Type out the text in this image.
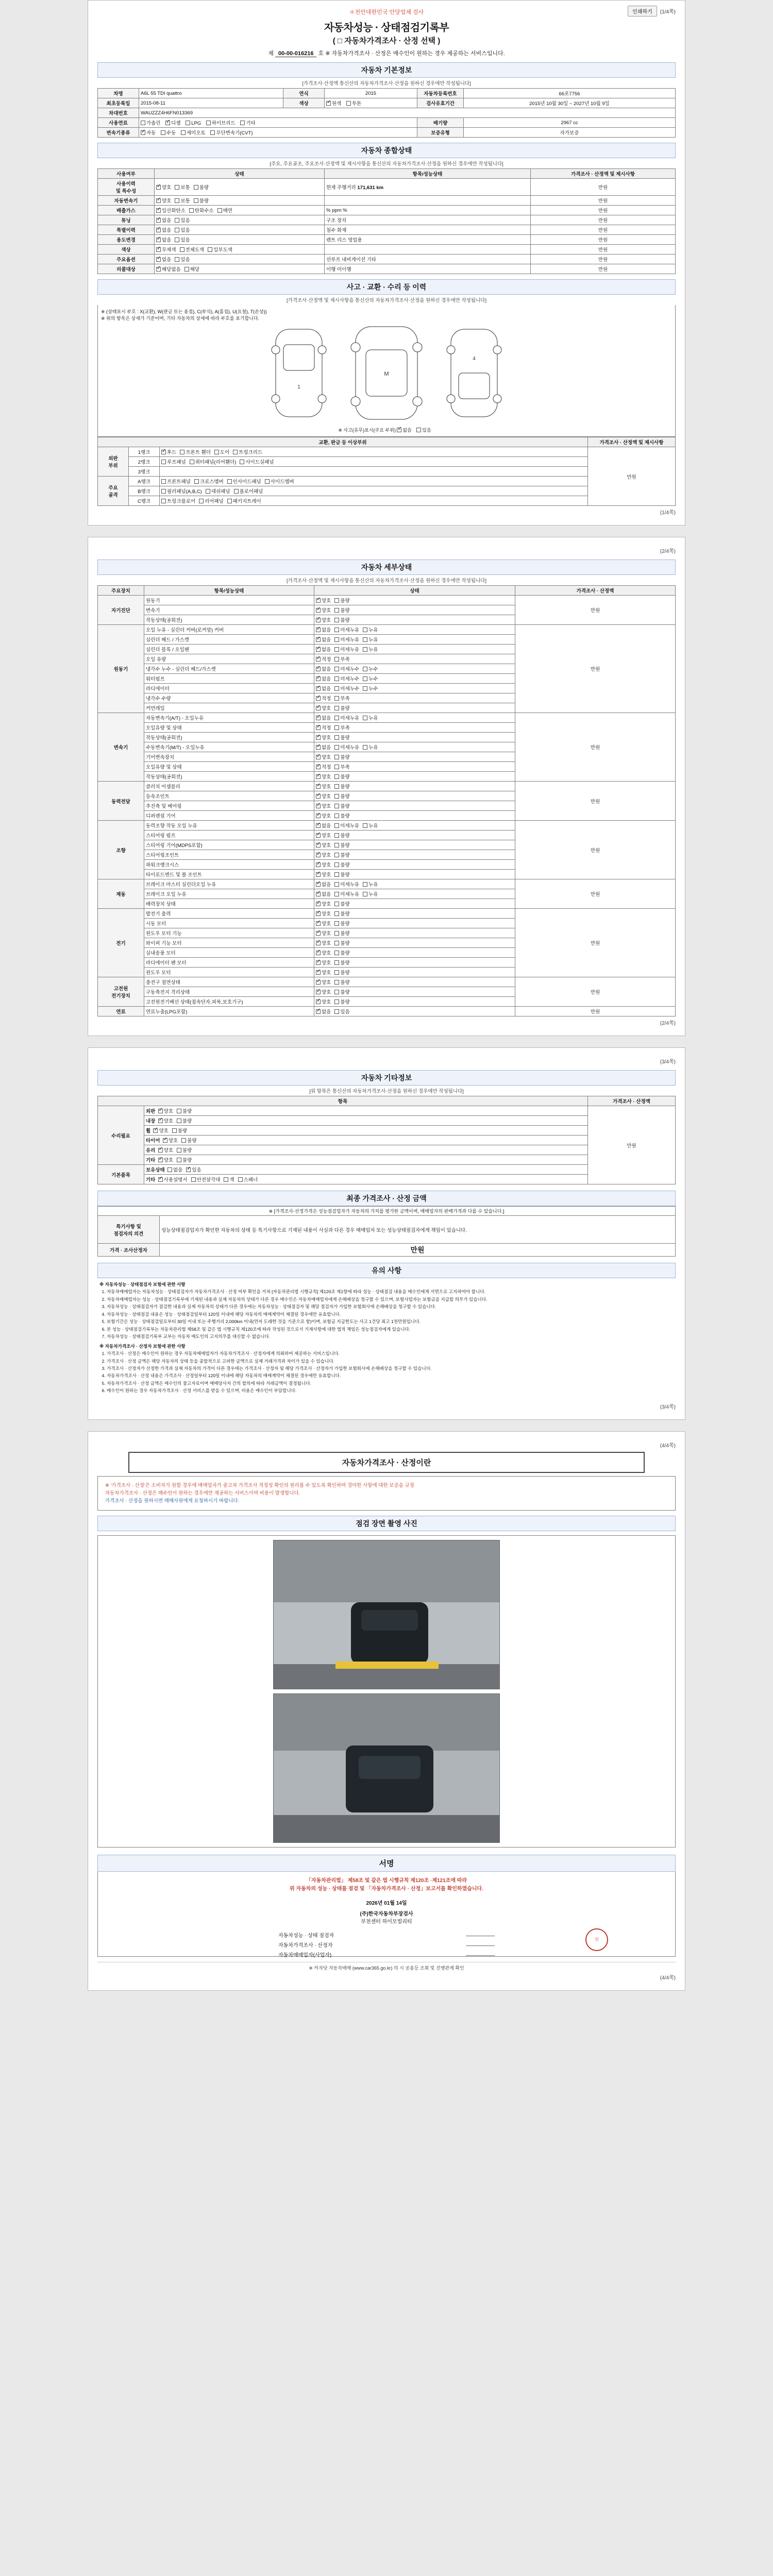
＊천안대한민국 안당업체 검사	인쇄하기	(1/4쪽)
자동차성능 · 상태점검기록부
( □ 자동차가격조사 · 산정 선택 )
제 00-00-016216 호 ※ 자동차가격조사 · 산정은 매수인이 원하는 경우 제공하는 서비스입니다.
자동차 기본정보
[가격조사·산정액 통신산의 자동차가격조사·산정을 원하신 경우에만 작성됩니다]
차명	A6L 55 TDI quattro	연식	2015	자동차등록번호	66포7756
최초등록일	2015-08-11	색상	✓원색 투톤	검사유효기간	2015년 10월 30일 ~ 2027년 10월 9일
차대번호	WAUZZZ4H6FN013369				
사용연료	가솔린 ✓ 디젤 LPG 하이브리드 기타			배기량	2967 cc
변속기종류	✓자동 수동 세미오토 무단변속기(CVT)			보증유형	자가보증
자동차 종합상태
[주요, 주요골조, 주요조사·산정액 및 제시사항을 통신산의 자동차가격조사·산정을 원하신 경우에만 작성됩니다]
사용여부	상태	항목/성능상태	가격조사 · 산정액 및 제시사항
사용이력
및 특수성	✓양호 보통 불량	현재 주행거리 171,631 km	만원
자동변속기	✓양호 보통 불량		만원
배출가스	✓일산화탄소 탄화수소 매연	% ppm %	만원
튜닝	✓없음 있음	구조 장치	만원
특별이력	✓없음 있음	침수 화재	만원
용도변경	✓없음 있음	렌트 리스 영업용	만원
색상	✓무채색 전체도색 일부도색		만원
주요옵션	✓없음 있음	선루프 내비게이션 기타	만원
리콜대상	✓해당없음 해당	이행 미이행	만원
사고 · 교환 · 수리 등 이력
[가격조사·산정액 및 제시사항을 통신산의 자동차가격조사·산정을 원하신 경우에만 작성됩니다]
※ (상태표시 부호 : X(교환), W(판금 또는 용접), C(부식), A(흠집), U(요철), T(손상))
※ 위의 항목은 상세가 기준이며, 기타 자동차의 상세에 따라 부호를 표기합니다.
1
M
4
※ 사고(유무)표시(주요 부위) ✓ 없음 있음
교환, 판금 등 이상부위			가격조사 · 산정액 및 제시사항
외판
부위	1랭크	✓후드 프론트 휀더 도어 트렁크리드	만원
	2랭크	루프패널 쿼터패널(리어휀더) 사이드실패널	
	3랭크		
주요
골격	A랭크	프론트패널 크로스멤버 인사이드패널 사이드멤버	
	B랭크	필러패널(A,B,C) 대쉬패널 플로어패널	
	C랭크	트렁크플로어 리어패널 패키지트레이	
(1/4쪽)
(2/4쪽)
자동차 세부상태
[가격조사·산정액 및 제시사항을 통신산의 자동차가격조사·산정을 원하신 경우에만 작성됩니다]
주요장치	항목/성능상태	상태	가격조사 · 산정액
자기진단	원동기	✓양호 불량	만원
	변속기	✓양호 불량
	작동상태(공회전)	✓양호 불량
원동기	오일 누유 - 실린더 커버(로커암) 커버	✓없음 미세누유 누유	만원
	실린더 헤드 / 가스켓	✓없음 미세누유 누유
	실린더 블록 / 오일팬	✓없음 미세누유 누유
	오일 유량	✓적정 부족
	냉각수 누수 - 실린더 헤드/가스켓	✓없음 미세누수 누수
	워터펌프	✓없음 미세누수 누수
	라디에이터	✓없음 미세누수 누수
	냉각수 수량	✓적정 부족
	커먼레일	✓양호 불량
변속기	자동변속기(A/T) - 오일누유	✓없음 미세누유 누유	만원
	오일유량 및 상태	✓적정 부족
	작동상태(공회전)	✓양호 불량
	수동변속기(M/T) - 오일누유	✓없음 미세누유 누유
	기어변속장치	✓양호 불량
	오일유량 및 상태	✓적정 부족
	작동상태(공회전)	✓양호 불량
동력전달	클러치 어셈블리	✓양호 불량	만원
	등속조인트	✓양호 불량
	추진축 및 베어링	✓양호 불량
	디퍼렌셜 기어	✓양호 불량
조향	동력조향 작동 오일 누유	✓없음 미세누유 누유	만원
	스티어링 펌프	✓양호 불량
	스티어링 기어(MDPS포함)	✓양호 불량
	스티어링조인트	✓양호 불량
	파워크랭크시스	✓양호 불량
	타이로드엔드 및 볼 조인트	✓양호 불량
제동	브레이크 마스터 실린더오일 누유	✓없음 미세누유 누유	만원
	브레이크 오일 누유	✓없음 미세누유 누유
	배력장치 상태	✓양호 불량
전기	발전기 출력	✓양호 불량	만원
	시동 모터	✓양호 불량
	윈도우 모터 기능	✓양호 불량
	와이퍼 기능 모터	✓양호 불량
	실내송풍 모터	✓양호 불량
	라디에이터 팬 모터	✓양호 불량
	윈도우 모터	✓양호 불량
고전원
전기장치	충전구 절연상태	✓양호 불량	만원
	구동축전지 격리상태	✓양호 불량
	고전원전기배선 상태(접속단자,피복,보호기구)	✓양호 불량
연료	연료누출(LPG포함)	✓없음 있음	만원
(2/4쪽)
(3/4쪽)
자동차 기타정보
[위 항목은 통신산의 자동차가격조사·산정을 원하신 경우에만 작성됩니다]
항목		가격조사 · 산정액
수리필요	외판 ✓ 양호 불량	만원
	내장 ✓ 양호 불량
	휠 ✓ 양호 불량
	타이어 ✓ 양호 불량
	유리 ✓ 양호 불량
	기타 ✓ 양호 불량
기본품목	보유상태 없음 ✓ 있음
	기타 ✓ 사용설명서 안전삼각대 잭 스패너
최종 가격조사 · 산정 금액
※ [가격조사·산정가격은 성능점검업자가 자동차의 가치를 평가한 금액이며, 매매업자의 판매가격과 다를 수 있습니다.]	
특기사항 및
점검자의 의견	성능상태점검업자가 확인한 자동차의 상태 등 특기사항으로 기재된 내용이 사실과 다른 경우 매매업자 또는 성능상태점검자에게 책임이 있습니다.
가격 · 조사산정자	만원
유의 사항
※ 자동차성능 · 상태점검자 보험에 관한 사항
1. 자동차매매업자는 자동차성능 · 상태점검자가 자동차가격조사 · 산정 여부 확인을 거쳐 [자동차관리법 시행규칙] 제120조 제1항에 따라 성능 · 상태점검 내용을 매수인에게 서면으로 고지하여야 합니다.
2. 자동차매매업자는 성능 · 상태점검기록부에 기재된 내용과 실제 자동차의 상태가 다른 경우 매수인은 자동차매매업자에게 손해배상을 청구할 수 있으며, 보험사업자는 보험금을 지급할 의무가 있습니다.
3. 자동차성능 · 상태점검자가 점검한 내용과 실제 자동차의 상태가 다른 경우에는 자동차성능 · 상태점검자 및 해당 점검자가 가입한 보험회사에 손해배상을 청구할 수 있습니다.
4. 자동차성능 · 상태점검 내용은 성능 · 상태점검일부터 120일 이내에 해당 자동차의 매매계약이 체결된 경우에만 유효합니다.
5. 보험기간은 성능 · 상태점검일로부터 30일 이내 또는 주행거리 2,000km 이내(먼저 도래한 것을 기준으로 함)이며, 보험금 지급한도는 사고 1건당 최고 1천만원입니다.
6. 본 성능 · 상태점검기록부는 자동차관리법 제58조 및 같은 법 시행규칙 제120조에 따라 작성된 것으로서 기재사항에 대한 법적 책임은 성능점검자에게 있습니다.
7. 자동차성능 · 상태점검기록부 교부는 자동차 매도인의 고지의무를 대신할 수 없습니다.
※ 자동차가격조사 · 산정자 보험에 관한 사항
1. 가격조사 · 산정은 매수인이 원하는 경우 자동차매매업자가 자동차가격조사 · 산정자에게 의뢰하여 제공하는 서비스입니다.
2. 가격조사 · 산정 금액은 해당 자동차의 상태 등을 종합적으로 고려한 금액으로 실제 거래가격과 차이가 있을 수 있습니다.
3. 가격조사 · 산정자가 산정한 가격과 실제 자동차의 가격이 다른 경우에는 가격조사 · 산정자 및 해당 가격조사 · 산정자가 가입한 보험회사에 손해배상을 청구할 수 있습니다.
4. 자동차가격조사 · 산정 내용은 가격조사 · 산정일부터 120일 이내에 해당 자동차의 매매계약이 체결된 경우에만 유효합니다.
5. 자동차가격조사 · 산정 금액은 매수인의 참고자료이며 매매당사자 간의 합의에 따라 거래금액이 결정됩니다.
6. 매수인이 원하는 경우 자동차가격조사 · 산정 서비스를 받을 수 있으며, 비용은 매수인이 부담합니다.
(3/4쪽)
(4/4쪽)
자동차가격조사 · 산정이란
※ '가격조사 · 산정'은 소비자가 원할 경우에 매매업자가 중고차 가격조사 적정성 확인의 원리를 수 있도록 확인하며 경미한 사항에 대한 보증을 규정
자동차가격조사 · 산정은 매수인이 원하는 경우에만 제공하는 서비스이며 비용이 발생합니다.
가격조사 · 산정을 원하시면 매매사원에게 요청하시기 바랍니다.
점검 장면 촬영 사진
서명
「자동차관리법」 제58조 및 같은 법 시행규칙 제120조 ·제121조에 따라
위 자동차의 성능 · 상태를 점검 및 「자동차가격조사 · 산정」보고서를 확인하였습니다.
2026년 01월 14일
(주)한국자동차부장검사
부천센터 하이모빌리티
자동차성능 · 상태 점검자	__________
자동차가격조사 · 산정자	__________
자동차매매업자(사업자)	__________
인
※ 카자닷 자동차매매 (www.car365.go.kr) 의 시 공용등 조회 및 진행관계 확인
(4/4쪽)
